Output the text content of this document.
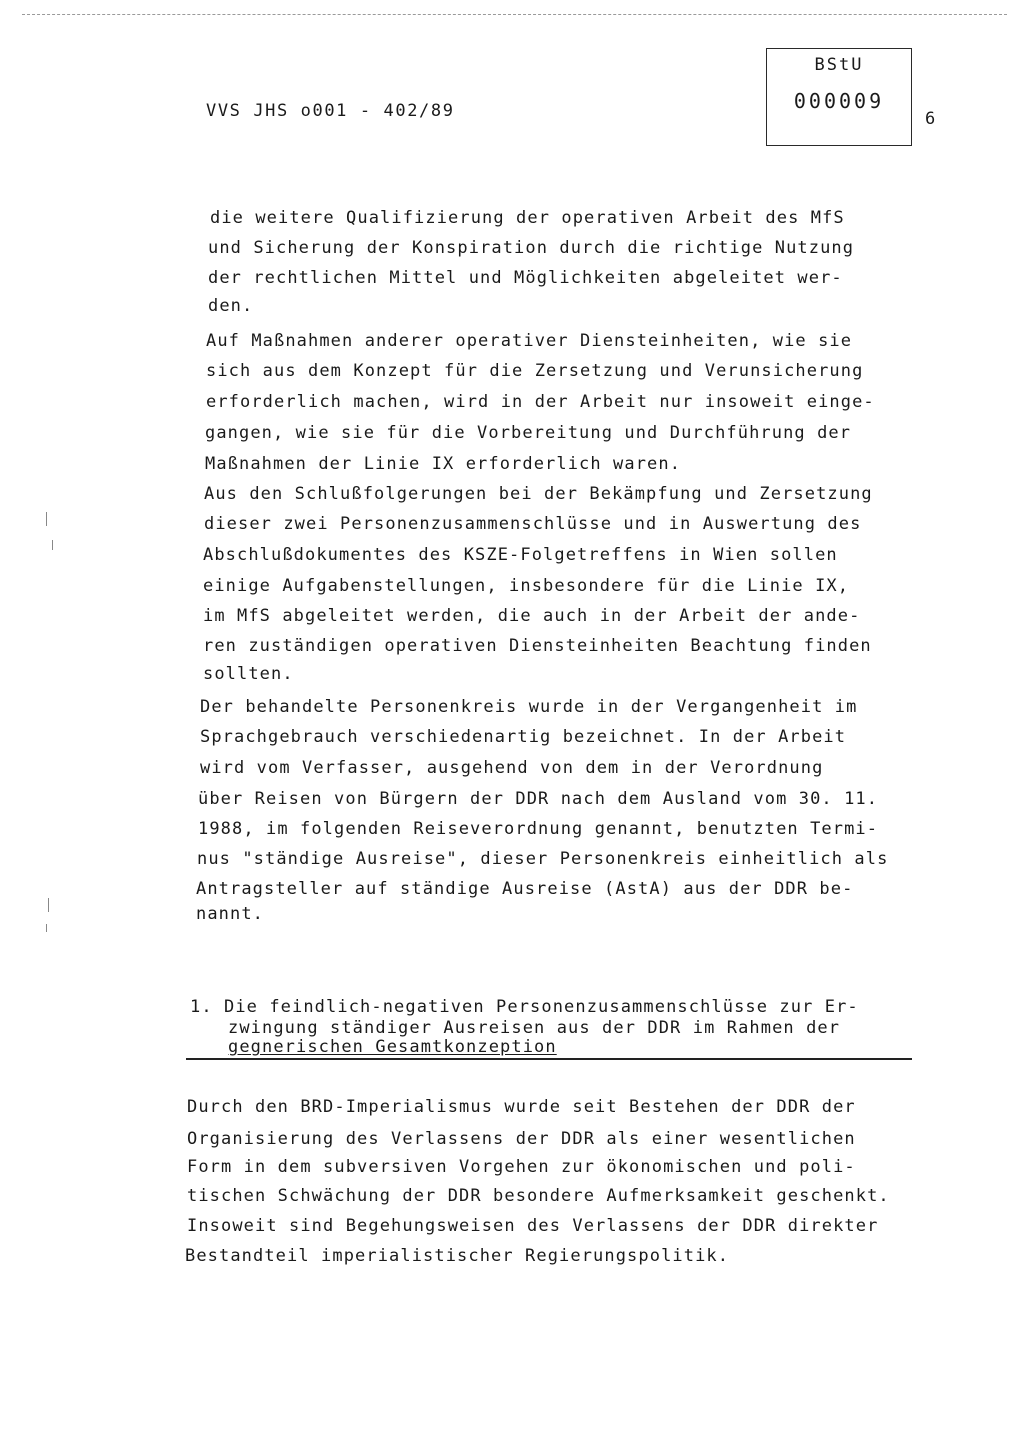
VVS JHS o001 - 402/89
BStU
000009
6
die weitere Qualifizierung der operativen Arbeit des MfS
und Sicherung der Konspiration durch die richtige Nutzung
der rechtlichen Mittel und Möglichkeiten abgeleitet wer-
den.
Auf Maßnahmen anderer operativer Diensteinheiten, wie sie
sich aus dem Konzept für die Zersetzung und Verunsicherung
erforderlich machen, wird in der Arbeit nur insoweit einge-
gangen, wie sie für die Vorbereitung und Durchführung der
Maßnahmen der Linie IX erforderlich waren.
Aus den Schlußfolgerungen bei der Bekämpfung und Zersetzung
dieser zwei Personenzusammenschlüsse und in Auswertung des
Abschlußdokumentes des KSZE-Folgetreffens in Wien sollen
einige Aufgabenstellungen, insbesondere für die Linie IX,
im MfS abgeleitet werden, die auch in der Arbeit der ande-
ren zuständigen operativen Diensteinheiten Beachtung finden
sollten.
Der behandelte Personenkreis wurde in der Vergangenheit im
Sprachgebrauch verschiedenartig bezeichnet. In der Arbeit
wird vom Verfasser, ausgehend von dem in der Verordnung
über Reisen von Bürgern der DDR nach dem Ausland vom 30. 11.
1988, im folgenden Reiseverordnung genannt, benutzten Termi-
nus "ständige Ausreise", dieser Personenkreis einheitlich als
Antragsteller auf ständige Ausreise (AstA) aus der DDR be-
nannt.
1. Die feindlich-negativen Personenzusammenschlüsse zur Er-
zwingung ständiger Ausreisen aus der DDR im Rahmen der
gegnerischen Gesamtkonzeption
Durch den BRD-Imperialismus wurde seit Bestehen der DDR der
Organisierung des Verlassens der DDR als einer wesentlichen
Form in dem subversiven Vorgehen zur ökonomischen und poli-
tischen Schwächung der DDR besondere Aufmerksamkeit geschenkt.
Insoweit sind Begehungsweisen des Verlassens der DDR direkter
Bestandteil imperialistischer Regierungspolitik.
